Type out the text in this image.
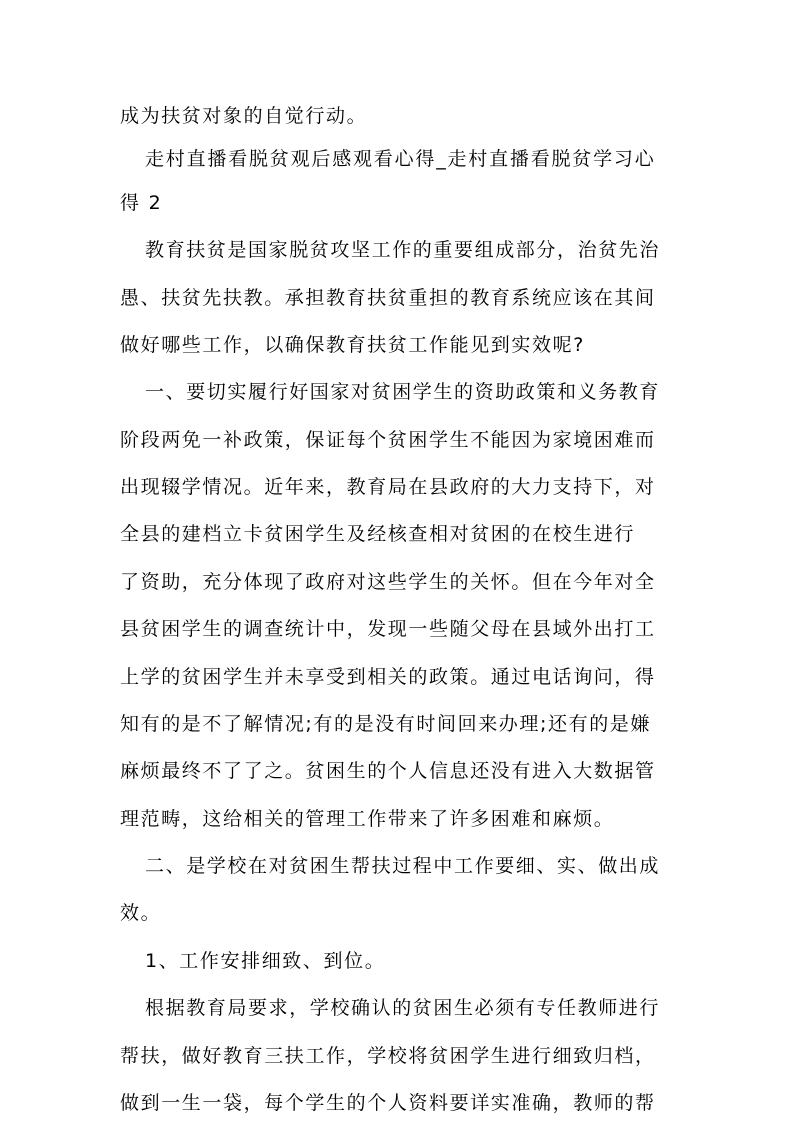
成为扶贫对象的自觉行动。
走村直播看脱贫观后感观看心得_走村直播看脱贫学习心
得 2
教育扶贫是国家脱贫攻坚工作的重要组成部分，治贫先治
愚、扶贫先扶教。承担教育扶贫重担的教育系统应该在其间
做好哪些工作，以确保教育扶贫工作能见到实效呢?
一、要切实履行好国家对贫困学生的资助政策和义务教育
阶段两免一补政策，保证每个贫困学生不能因为家境困难而
出现辍学情况。近年来，教育局在县政府的大力支持下，对
全县的建档立卡贫困学生及经核查相对贫困的在校生进行
了资助，充分体现了政府对这些学生的关怀。但在今年对全
县贫困学生的调查统计中，发现一些随父母在县域外出打工
上学的贫困学生并未享受到相关的政策。通过电话询问，得
知有的是不了解情况;有的是没有时间回来办理;还有的是嫌
麻烦最终不了了之。贫困生的个人信息还没有进入大数据管
理范畴，这给相关的管理工作带来了许多困难和麻烦。
二、是学校在对贫困生帮扶过程中工作要细、实、做出成
效。
1、工作安排细致、到位。
根据教育局要求，学校确认的贫困生必须有专任教师进行
帮扶，做好教育三扶工作，学校将贫困学生进行细致归档，
做到一生一袋，每个学生的个人资料要详实准确，教师的帮
